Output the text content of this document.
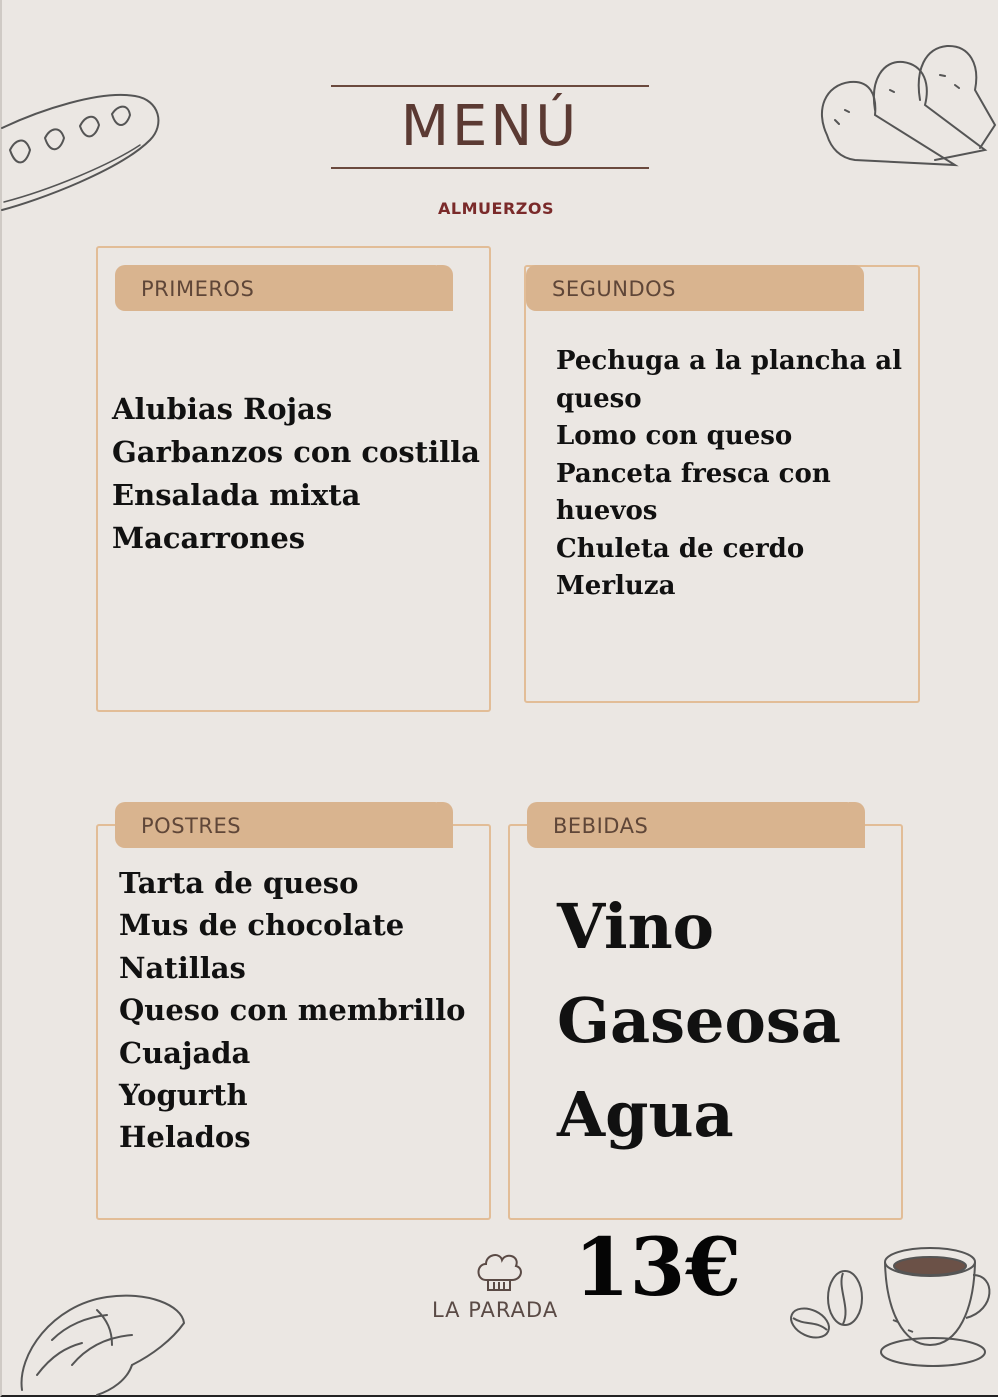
MENÚ
ALMUERZOS
PRIMEROS
Alubias Rojas
Garbanzos con costilla
Ensalada mixta
Macarrones
SEGUNDOS
Pechuga a la plancha al
queso
Lomo con queso
Panceta fresca con
huevos
Chuleta de cerdo
Merluza
POSTRES
Tarta de queso
Mus de chocolate
Natillas
Queso con membrillo
Cuajada
Yogurth
Helados
BEBIDAS
Vino
Gaseosa
Agua
LA PARADA 13€
